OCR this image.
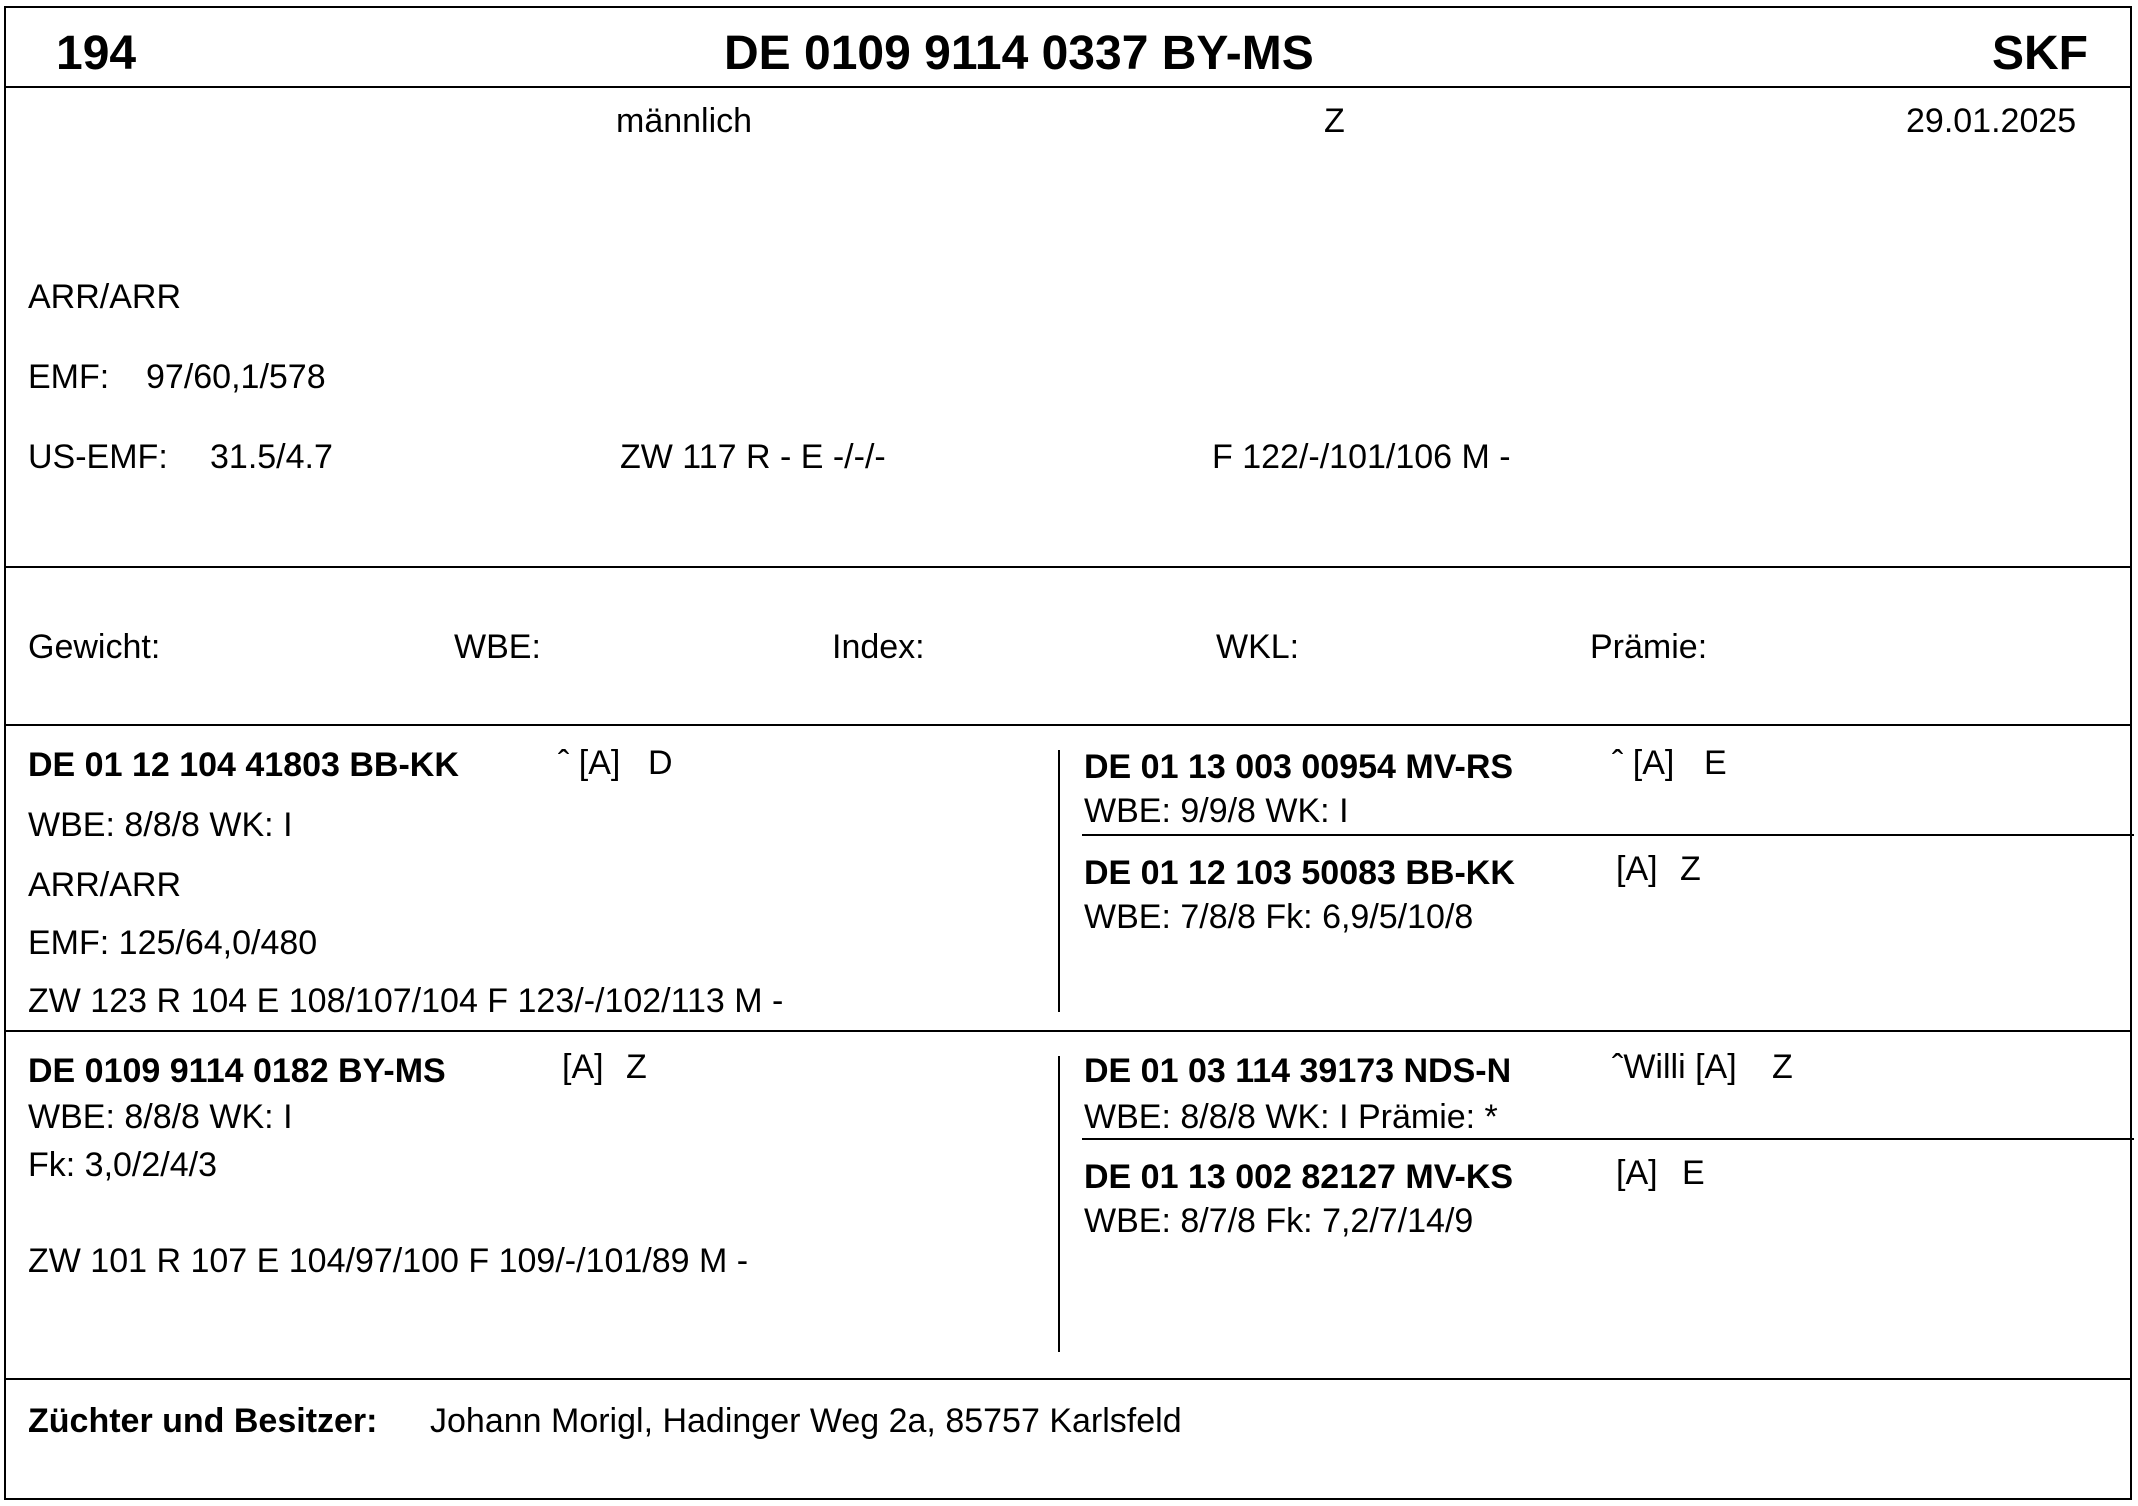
194	DE 0109 9114 0337 BY-MS	SKF
männlich	Z	29.01.2025
ARR/ARR
EMF: 97/60,1/578
US-EMF: 31.5/4.7	ZW 117 R - E -/-/-	F 122/-/101/106 M -
Gewicht:	WBE:	Index:	WKL:	Prämie:
DE 01 12 104 41803 BB-KK	ˆ [A] D
WBE: 8/8/8 WK: I
ARR/ARR
EMF: 125/64,0/480
ZW 123 R 104 E 108/107/104 F 123/-/102/113 M -
DE 01 13 003 00954 MV-RS	ˆ [A] E
WBE: 9/9/8 WK: I
DE 01 12 103 50083 BB-KK	[A] Z
WBE: 7/8/8 Fk: 6,9/5/10/8
DE 0109 9114 0182 BY-MS	[A] Z
WBE: 8/8/8 WK: I
Fk: 3,0/2/4/3
ZW 101 R 107 E 104/97/100 F 109/-/101/89 M -
DE 01 03 114 39173 NDS-N	ˆWilli [A] Z
WBE: 8/8/8 WK: I Prämie: *
DE 01 13 002 82127 MV-KS	[A] E
WBE: 8/7/8 Fk: 7,2/7/14/9
Züchter und Besitzer: Johann Morigl, Hadinger Weg 2a, 85757 Karlsfeld
